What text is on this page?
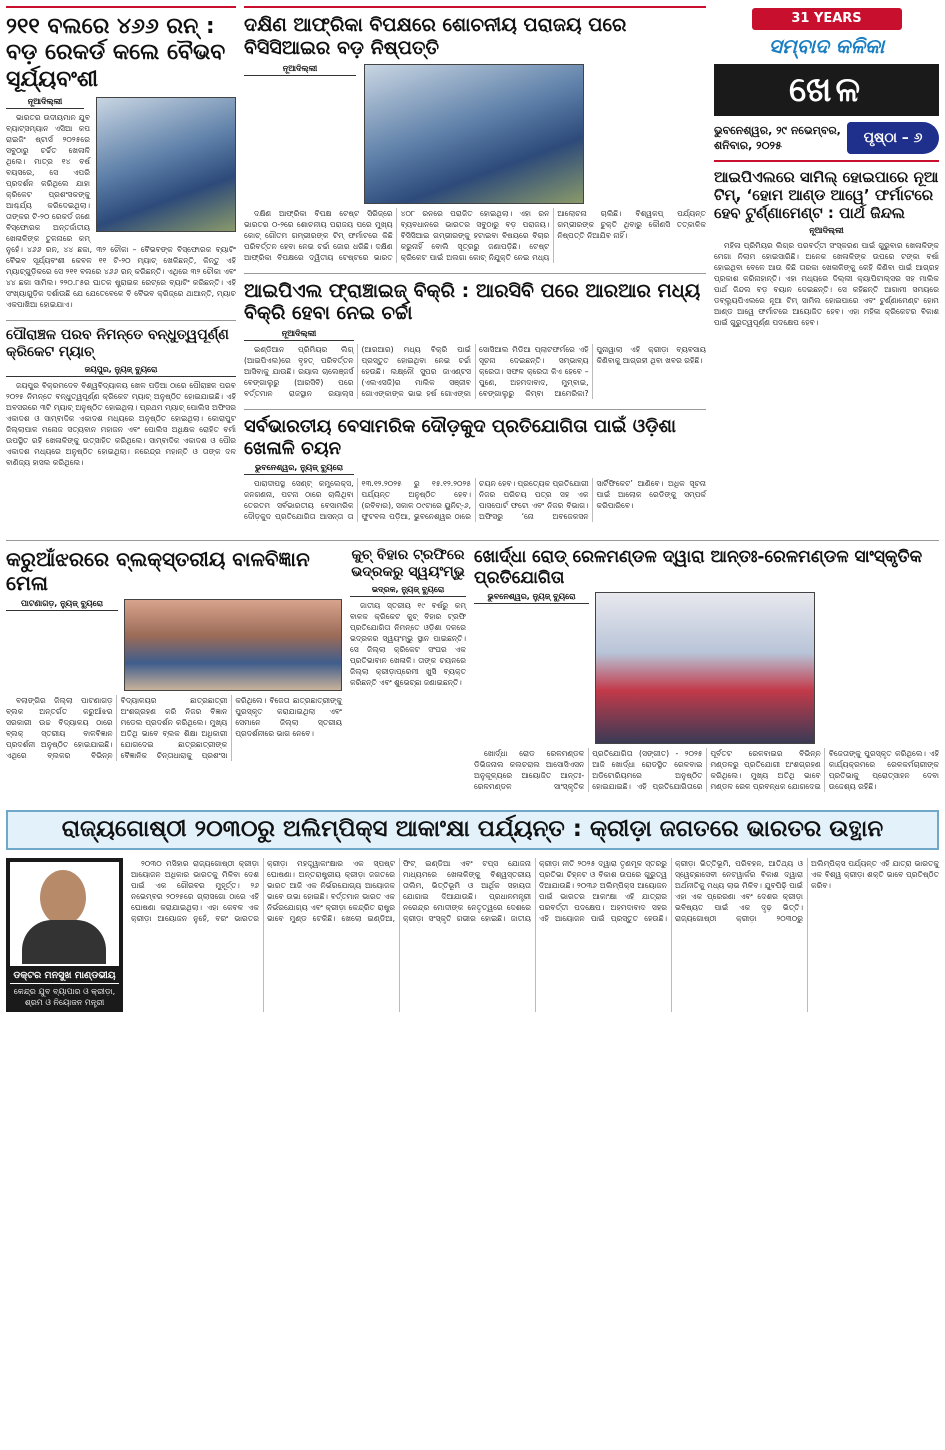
୨୧୧ ବଲରେ ୪୬୬ ରନ୍ : ବଡ଼ ରେକର୍ଡ କଲେ ବୈଭବ ସୂର୍ଯ୍ୟବଂଶୀ
ନୂଆଦିଲ୍ଲୀ
ଭାରତର ଉଦୀୟମାନ ଯୁବ ବ୍ୟାଟ୍ସମ୍ୟାନ ଏସିଆ କପ ରାଇଜିଂ ଷ୍ଟାର୍ସ ୨୦୨୫ରେ ସବୁଠାରୁ ଚର୍ଚ୍ଚିତ ଖେଳାଳି ଥିଲେ। ମାତ୍ର ୧୪ ବର୍ଷ ବୟସରେ, ସେ ଏପରି ପ୍ରଦର୍ଶନ କରିଥିଲେ ଯାହା କ୍ରିକେଟ ପ୍ରଶଂସକଙ୍କୁ ଆଶ୍ଚର୍ଯ୍ୟ କରିଦେଇଥିଲା। ତାଙ୍କର ଟି-୨୦ ରେକର୍ଡ ଜଣେ ବିସ୍ଫୋରକ ଅନ୍ତର୍ଜାତୀୟ ଖେଳାଳିଙ୍କ ତୁଳନାରେ କମ୍ ନୁହେଁ। ୪୬୬ ରନ, ୪୪ ଛକା, ୩୨ ଚୌକା – ବୈଭବଙ୍କ ବିସ୍ଫୋରକ ବ୍ୟାଟିଂ ବୈଭବ ସୂର୍ଯ୍ୟବଂଶୀ କେବଳ ୧୧ ଟି-୨୦ ମ୍ୟାଚ୍ ଖେଳିଛନ୍ତି, କିନ୍ତୁ ଏହି ମ୍ୟାଚ୍‌ଗୁଡ଼ିକରେ ସେ ୨୧୧ ବଲରେ ୪୬୬ ରନ୍ କରିଛନ୍ତି। ଏଥିରେ ୩୨ ଚୌକା ଏବଂ ୪୪ ଛକା ସାମିଲ। ୨୨୦.୮୫ର ଘାତକ ଷ୍ଟ୍ରାଇକ ରେଟ୍‌ରେ ବ୍ୟାଟିଂ କରିଛନ୍ତି। ଏହି ସଂଖ୍ୟାଗୁଡ଼ିକ ଦର୍ଶାଉଛି ଯେ ଯେତେବେଳେ ବି ବୈଭବ କ୍ରିଜ୍‌ରେ ଥାଆନ୍ତି, ମ୍ୟାଚ ଏକପାଖିଆ ହୋଇଯାଏ।
ପୌରାଞ୍ଚଳ ପରବ ନିମନ୍ତେ ବନ୍ଧୁତ୍ୱପୂର୍ଣ୍ଣ କ୍ରିକେଟ ମ୍ୟାଚ୍
ଜୟପୁର, ନ୍ୟୁଜ୍ ବ୍ୟୁରୋ
ଜୟପୁର ବିକ୍ରମଦେବ ବିଶ୍ୱବିଦ୍ୟାଳୟ ଖେଳ ପଡ଼ିଆ ଠାରେ ପୌରାଞ୍ଚଳ ପରବ ୨୦୨୫ ନିମନ୍ତେ ବନ୍ଧୁତ୍ୱପୂର୍ଣ୍ଣ କ୍ରିକେଟ ମ୍ୟାଚ୍ ଅନୁଷ୍ଠିତ ହୋଇଯାଇଛି। ଏହି ଅବସରରେ ୩ଟି ମ୍ୟାଚ୍ ଅନୁଷ୍ଠିତ ହୋଇଥିଲା। ପ୍ରଥମ ମ୍ୟାଚ୍ ପୋଲିସ ଅଫିସର ଏକାଦଶ ଓ ସାମ୍ବାଦିକ ଏକାଦଶ ମଧ୍ୟରେ ଅନୁଷ୍ଠିତ ହୋଇଥିଲା। କୋରାପୁଟ ଜିଲ୍ଲାପାଳ ମନୋଜ ସତ୍ୟବାନ ମହାଜନ ଏବଂ ପୋଲିସ ଅଧିକ୍ଷକ ରୋହିତ ବର୍ମା ଉପସ୍ଥିତ ରହି ଖେଳାଳିଙ୍କୁ ଉତ୍ସାହିତ କରିଥିଲେ। ସାମ୍ବାଦିକ ଏକାଦଶ ଓ ପୌର ଏକାଦଶ ମଧ୍ୟରେ ଅନୁଷ୍ଠିତ ହୋଇଥିଲା। ନରେନ୍ଦ୍ର ମହାନ୍ତି ଓ ତାଙ୍କ ଦଳ ବାଣିଜ୍ୟ ହାସଲ କରିଥିଲେ।
ଦକ୍ଷିଣ ଆଫ୍ରିକା ବିପକ୍ଷରେ ଶୋଚନୀୟ ପରାଜୟ ପରେ ବିସିସିଆଇର ବଡ଼ ନିଷ୍ପତ୍ତି
ନୂଆଦିଲ୍ଲୀ
ଦକ୍ଷିଣ ଆଫ୍ରିକା ବିପକ୍ଷ ଟେଷ୍ଟ ସିରିଜ୍‌ରେ ଭାରତର ୦-୨ରେ ଶୋଚନୀୟ ପରାଜୟ ପରେ ମୁଖ୍ୟ କୋଚ୍ ଗୌତମ ଗମ୍ଭୀରଙ୍କ ଟିମ୍ ଫର୍ମାଟରେ କିଛି ପରିବର୍ତ୍ତନ ହେବା ନେଇ ଚର୍ଚ୍ଚା ଜୋର ଧରିଛି। ଦକ୍ଷିଣ ଆଫ୍ରିକା ବିପକ୍ଷରେ ଦ୍ୱିତୀୟ ଟେଷ୍ଟରେ ଭାରତ ୪୦୮ ରନରେ ପରାଜିତ ହୋଇଥିଲା। ଏହା ରନ ବ୍ୟବଧାନରେ ଭାରତର ସବୁଠାରୁ ବଡ଼ ପରାଜୟ। ବିସିସିଆଇ ଗମ୍ଭୀରଙ୍କୁ ହଟାଇବା ବିଷୟରେ ବିଚାର କରୁନାହିଁ ବୋଲି ସୂତ୍ରରୁ ଜଣାପଡ଼ିଛି। ଟେଷ୍ଟ କ୍ରିକେଟ ପାଇଁ ଅଲଗା କୋଚ୍ ନିଯୁକ୍ତି ନେଇ ମଧ୍ୟ ଆଲୋଚନା ଚାଲିଛି। ବିଶ୍ୱକପ୍ ପର୍ଯ୍ୟନ୍ତ ଗମ୍ଭୀରଙ୍କ ଚୁକ୍ତି ଥିବାରୁ କୌଣସି ତତ୍କାଳିକ ନିଷ୍ପତ୍ତି ନିଆଯିବ ନାହିଁ।
ଆଇପିଏଲ ଫ୍ରାଞ୍ଚାଇଜ୍ ବିକ୍ରି : ଆରସିବି ପରେ ଆରଆର ମଧ୍ୟ ବିକ୍ରି ହେବା ନେଇ ଚର୍ଚ୍ଚା
ନୂଆଦିଲ୍ଲୀ
ଇଣ୍ଡିଆନ ପ୍ରିମିୟର ଲିଗ୍ (ଆଇପିଏଲ)ରେ ବୃହତ୍ ପରିବର୍ତ୍ତନ ଆସିବାକୁ ଯାଉଛି। ରୟାଲ ଚାଲେଞ୍ଜର୍ସ ବେଙ୍ଗାଲୁରୁ (ଆରସିବି) ପରେ ବର୍ତ୍ତମାନ ରାଜସ୍ଥାନ ରୟାଲ୍ସ (ଆରଆର) ମଧ୍ୟ ବିକ୍ରି ପାଇଁ ପ୍ରସ୍ତୁତ ହୋଇଥିବା ନେଇ ଚର୍ଚ୍ଚା ହେଉଛି। ଲକ୍ଷ୍ନୌ ସୁପର ଜାଏଣ୍ଟସ (ଏଲଏସଜି)ର ମାଲିକ ସଞ୍ଜୀବ ଗୋଏଙ୍କାଙ୍କ ଭାଇ ହର୍ଷ ଗୋଏଙ୍କା ସୋସିଆଲ ମିଡିଆ ପ୍ଲାଟଫର୍ମରେ ଏହି ସୂଚନା ଦେଇଛନ୍ତି। ସମ୍ଭାବ୍ୟ କ୍ରେତା। ସଫଳ କ୍ରେତା କିଏ ହେବେ – ପୁଣେ, ଅହମଦାବାଦ, ମୁମ୍ବାଇ, ବେଙ୍ଗାଲୁରୁ କିମ୍ବା ଆମେରିକା? ପୁନାୱାଲା ଏହି କ୍ରୀଡ଼ା ବ୍ୟବସାୟ କିଣିବାକୁ ଆଗ୍ରହୀ ଥିବା ଖବର ରହିଛି।
ସର୍ବଭାରତୀୟ ବେସାମରିକ ଦୌଡ଼କୁଦ ପ୍ରତିଯୋଗିତା ପାଇଁ ଓଡ଼ିଶା ଖେଳାଳି ଚୟନ
ଭୁବନେଶ୍ୱର, ନ୍ୟୁଜ୍ ବ୍ୟୁରୋ
ପାରାଦୀପସ୍ଥ ସେଣ୍ଟ୍ କମ୍ପ୍ଲେକ୍ସ, ଜନଗଣନା, ପଟନା ଠାରେ ଚାଲିଥିବା ତେରତମ ସର୍ବଭାରତୀୟ ବେସାମରିକ ଦୌଡ଼କୁଦ ପ୍ରତିଯୋଗିତା ଆସନ୍ତା ତା ୧୩.୧୨.୨୦୨୫ ରୁ ୧୫.୧୨.୨୦୨୫ ପର୍ଯ୍ୟନ୍ତ ଅନୁଷ୍ଠିତ ହେବ। (ରବିବାର), ସକାଳ ୦୯ଟାରେ ୟୁନିଟ୍-୬, ଫୁଟବଲ ପଡ଼ିଆ, ଭୁବନେଶ୍ୱର ଠାରେ ଚୟନ ହେବ। ପ୍ରତ୍ୟେକ ପ୍ରତିଯୋଗୀ ନିଜର ପରିଚୟ ପତ୍ର ସହ ଏକ ପାସପୋର୍ଟ ଫଟୋ ଏବଂ ନିଜର ବିଭାଗ। ଅଫିସରୁ ‘ନୋ ଅବଜେକସନ ସାର୍ଟିଫିକେଟ’ ଆଣିବେ। ଅଧିକ ସୂଚନା ପାଇଁ ଆଲୋକ ରେଡିଙ୍କୁ ସମ୍ପର୍କ କରିପାରିବେ।
31 YEARS
ସମ୍ବାଦ କଳିକା
ଖେଳ
ଭୁବନେଶ୍ୱର, ୨୯ ନଭେମ୍ବର,
ଶନିବାର, ୨୦୨୫	ପୃଷ୍ଠା – ୬
ଆଇପିଏଲରେ ସାମିଲ୍ ହୋଇପାରେ ନୂଆ ଟିମ୍, ‘ହୋମ ଆଣ୍ଡ ଆୱେ’ ଫର୍ମାଟରେ ହେବ ଟୁର୍ଣ୍ଣାମେଣ୍ଟ : ପାର୍ଥ ଜିନ୍ଦଲ
ନୂଆଦିଲ୍ଲୀ
ମହିଳା ପ୍ରିମିୟର ଲିଗ୍‌ର ପରବର୍ତ୍ତୀ ସଂସ୍କରଣ ପାଇଁ ଗୁରୁବାର ଖେଳାଳିଙ୍କ ମେଗା ନିଲାମ ହୋଇସାରିଛି। ଅନେକ ଖେଳାଳିଙ୍କ ଉପରେ ଟଙ୍କା ବର୍ଷା ହୋଇଥିବା ବେଳେ ଆଉ କିଛି ତାରକା ଖେଳାଳିଙ୍କୁ କେହି କିଣିବା ପାଇଁ ଆଗ୍ରହ ପ୍ରକାଶ କରିନାହାନ୍ତି। ଏହା ମଧ୍ୟରେ ଦିଲ୍ଲୀ କ୍ୟାପିଟାଲ୍ସର ସହ ମାଲିକ ପାର୍ଥ ଜିନ୍ଦଲ ବଡ଼ ବୟାନ ଦେଇଛନ୍ତି। ସେ କହିଛନ୍ତି ଆଗାମୀ ସମୟରେ ଡବ୍ଲ୍ୟୁପିଏଲରେ ନୂଆ ଟିମ୍ ସାମିଲ ହୋଇପାରେ ଏବଂ ଟୁର୍ଣ୍ଣାମେଣ୍ଟ ହୋମ ଆଣ୍ଡ ଆୱେ ଫର୍ମାଟରେ ଆୟୋଜିତ ହେବ। ଏହା ମହିଳା କ୍ରିକେଟର ବିକାଶ ପାଇଁ ଗୁରୁତ୍ୱପୂର୍ଣ୍ଣ ପଦକ୍ଷେପ ହେବ।
କରୁଆଁଝରରେ ବ୍ଲକ୍‌ସ୍ତରୀୟ ବାଳବିଜ୍ଞାନ ମେଳା
ପାଟଣାଗଡ଼, ନ୍ୟୁଜ୍ ବ୍ୟୁରୋ
ବଲାଙ୍ଗିର ଜିଲ୍ଲା ପାଟଣାଗଡ଼ ବ୍ଲକ ଅନ୍ତର୍ଗତ କରୁଆଁଝର ସରକାରୀ ଉଚ୍ଚ ବିଦ୍ୟାଳୟ ଠାରେ ବ୍ଲକ୍ ସ୍ତରୀୟ ବାଳବିଜ୍ଞାନ ପ୍ରଦର୍ଶନୀ ଅନୁଷ୍ଠିତ ହୋଇଯାଇଛି। ଏଥିରେ ବ୍ଲକର ବିଭିନ୍ନ ବିଦ୍ୟାଳୟର ଛାତ୍ରଛାତ୍ରୀ ଅଂଶଗ୍ରହଣ କରି ନିଜର ବିଜ୍ଞାନ ମଡେଲ ପ୍ରଦର୍ଶନ କରିଥିଲେ। ମୁଖ୍ୟ ଅତିଥି ଭାବେ ବ୍ଲକ ଶିକ୍ଷା ଅଧିକାରୀ ଯୋଗଦେଇ ଛାତ୍ରଛାତ୍ରୀଙ୍କ ବୈଜ୍ଞାନିକ ଚିନ୍ତାଧାରାକୁ ପ୍ରଶଂସା କରିଥିଲେ। ବିଜେତା ଛାତ୍ରଛାତ୍ରୀଙ୍କୁ ପୁରସ୍କୃତ କରାଯାଇଥିଲା ଏବଂ ସେମାନେ ଜିଲ୍ଲା ସ୍ତରୀୟ ପ୍ରଦର୍ଶନୀରେ ଭାଗ ନେବେ।
କୁଚ୍ ବିହାର ଟ୍ରଫିରେ ଭଦ୍ରକରୁ ସ୍ୱୟଂମ୍ଭୁ
ଭଦ୍ରକ, ନ୍ୟୁଜ୍ ବ୍ୟୁରୋ
ଜାତୀୟ ସ୍ତରୀୟ ୧୯ ବର୍ଷରୁ କମ୍ ବାଳକ କ୍ରିକେଟ କୁଚ୍ ବିହାର ଟ୍ରଫି ପ୍ରତିଯୋଗିତା ନିମନ୍ତେ ଓଡ଼ିଶା ଦଳରେ ଭଦ୍ରକର ସ୍ୱୟଂମ୍ଭୁ ସ୍ଥାନ ପାଇଛନ୍ତି। ସେ ଜିଲ୍ଲା କ୍ରିକେଟ ସଂଘର ଏକ ପ୍ରତିଭାବାନ ଖେଳାଳି। ତାଙ୍କ ଚୟନରେ ଜିଲ୍ଲା କ୍ରୀଡ଼ାପ୍ରେମୀ ଖୁସି ବ୍ୟକ୍ତ କରିଛନ୍ତି ଏବଂ ଶୁଭେଚ୍ଛା ଜଣାଇଛନ୍ତି।
ଖୋର୍ଦ୍ଧା ରୋଡ୍ ରେଳମଣ୍ଡଳ ଦ୍ୱାରା ଆନ୍ତଃ-ରେଳମଣ୍ଡଳ ସାଂସ୍କୃତିକ ପ୍ରତିଯୋଗିତା
ଭୁବନେଶ୍ୱର, ନ୍ୟୁଜ୍ ବ୍ୟୁରୋ
ଖୋର୍ଦ୍ଧା ରୋଡ ରେଳମଣ୍ଡଳ ଡିଭିଜନାଲ କଲଚରାଲ ଆସୋସିଏସନ ଅନୁକୂଳ୍ୟରେ ଆୟୋଜିତ ଆନ୍ତଃ-ରେଳମଣ୍ଡଳ ସାଂସ୍କୃତିକ ପ୍ରତିଯୋଗିତା (ସଙ୍ଗୀତ) - ୨୦୨୫ ଆଜି ଖୋର୍ଦ୍ଧା ରୋଡସ୍ଥିତ ରେଳବାଇ ଅଡିଟୋରିୟମରେ ଅନୁଷ୍ଠିତ ହୋଇଯାଇଛି। ଏହି ପ୍ରତିଯୋଗିତାରେ ପୂର୍ବତଟ ରେଳବାଇର ବିଭିନ୍ନ ମଣ୍ଡଳରୁ ପ୍ରତିଯୋଗୀ ଅଂଶଗ୍ରହଣ କରିଥିଲେ। ମୁଖ୍ୟ ଅତିଥି ଭାବେ ମଣ୍ଡଳ ରେଳ ପ୍ରବନ୍ଧକ ଯୋଗଦେଇ ବିଜେତାଙ୍କୁ ପୁରସ୍କୃତ କରିଥିଲେ। ଏହି କାର୍ଯ୍ୟକ୍ରମରେ ରେଳକର୍ମଚାରୀଙ୍କ ପ୍ରତିଭାକୁ ପ୍ରୋତ୍ସାହନ ଦେବା ଉଦ୍ଦେଶ୍ୟ ରହିଛି।
ରାଜ୍ୟଗୋଷ୍ଠୀ ୨୦୩୦ରୁ ଅଲିମ୍ପିକ୍ସ ଆକାଂକ୍ଷା ପର୍ଯ୍ୟନ୍ତ : କ୍ରୀଡ଼ା ଜଗତରେ ଭାରତର ଉତ୍ଥାନ
ଡକ୍ଟର ମନସୁଖ ମାଣ୍ଡଭୀୟ
କେନ୍ଦ୍ର ଯୁବ ବ୍ୟାପାର ଓ କ୍ରୀଡ଼ା, ଶ୍ରମ ଓ ନିୟୋଜନ ମନ୍ତ୍ରୀ
୨୦୩୦ ମସିହାର ରାଜ୍ୟଗୋଷ୍ଠୀ କ୍ରୀଡ଼ା ଆୟୋଜନ ଅଧିକାର ଭାରତକୁ ମିଳିବା ଦେଶ ପାଇଁ ଏକ ଗୌରବର ମୁହୂର୍ତ୍ତ। ୨୬ ନଭେମ୍ବର ୨୦୨୫ରେ ଗ୍ଲାସଗୋ ଠାରେ ଏହି ଘୋଷଣା କରାଯାଇଥିଲା। ଏହା କେବଳ ଏକ କ୍ରୀଡ଼ା ଆୟୋଜନ ନୁହେଁ, ବରଂ ଭାରତର କ୍ରୀଡ଼ା ମହତ୍ତ୍ୱାକାଂକ୍ଷାର ଏକ ସ୍ପଷ୍ଟ ଘୋଷଣା। ଅନ୍ତରାଷ୍ଟ୍ରୀୟ କ୍ରୀଡ଼ା ଜଗତରେ ଭାରତ ଆଜି ଏକ ନିର୍ଭରଯୋଗ୍ୟ ଆୟୋଜକ ଭାବେ ଉଭା ହୋଇଛି। ବର୍ତ୍ତମାନ ଭାରତ ଏକ ନିର୍ଭରଯୋଗ୍ୟ ଏବଂ କ୍ରୀଡ଼ା କେନ୍ଦ୍ରିତ ରାଷ୍ଟ୍ର ଭାବେ ମୁଣ୍ଡ ଟେକିଛି। ଖେଲୋ ଇଣ୍ଡିଆ, ଫିଟ୍ ଇଣ୍ଡିଆ ଏବଂ ଟପ୍ସ ଯୋଜନା ମାଧ୍ୟମରେ ଖେଳାଳିଙ୍କୁ ବିଶ୍ୱସ୍ତରୀୟ ତାଲିମ, ଭିତ୍ତିଭୂମି ଓ ଆର୍ଥିକ ସହାୟତା ଯୋଗାଇ ଦିଆଯାଉଛି। ପ୍ରଧାନମନ୍ତ୍ରୀ ନରେନ୍ଦ୍ର ମୋଦୀଙ୍କ ନେତୃତ୍ୱରେ ଦେଶରେ କ୍ରୀଡ଼ା ସଂସ୍କୃତି ଗଭୀର ହୋଇଛି। ଜାତୀୟ କ୍ରୀଡ଼ା ନୀତି ୨୦୨୫ ଦ୍ୱାରା ତୃଣମୂଳ ସ୍ତରରୁ ପ୍ରତିଭା ଚିହ୍ନଟ ଓ ବିକାଶ ଉପରେ ଗୁରୁତ୍ୱ ଦିଆଯାଉଛି। ୨୦୩୬ ଅଲିମ୍ପିକ୍ସ ଆୟୋଜନ ପାଇଁ ଭାରତର ଆକାଂକ୍ଷା ଏହି ଯାତ୍ରାର ପରବର୍ତ୍ତୀ ପଦକ୍ଷେପ। ଅହମଦାବାଦ ସହର ଏହି ଆୟୋଜନ ପାଇଁ ପ୍ରସ୍ତୁତ ହେଉଛି। କ୍ରୀଡ଼ା ଭିତ୍ତିଭୂମି, ପରିବହନ, ଆତିଥ୍ୟ ଓ ସ୍ୱେଚ୍ଛାସେବୀ ନେଟୱାର୍କର ବିକାଶ ଦ୍ୱାରା ଅର୍ଥନୀତିକୁ ମଧ୍ୟ ଲାଭ ମିଳିବ। ଯୁବପିଢ଼ି ପାଇଁ ଏହା ଏକ ପ୍ରେରଣା ଏବଂ ଦେଶର କ୍ରୀଡ଼ା ଭବିଷ୍ୟତ ପାଇଁ ଏକ ଦୃଢ଼ ଭିତ୍ତି। ରାଜ୍ୟଗୋଷ୍ଠୀ କ୍ରୀଡ଼ା ୨୦୩୦ରୁ ଅଲିମ୍ପିକ୍ସ ପର୍ଯ୍ୟନ୍ତ ଏହି ଯାତ୍ରା ଭାରତକୁ ଏକ ବିଶ୍ୱ କ୍ରୀଡ଼ା ଶକ୍ତି ଭାବେ ପ୍ରତିଷ୍ଠିତ କରିବ।
